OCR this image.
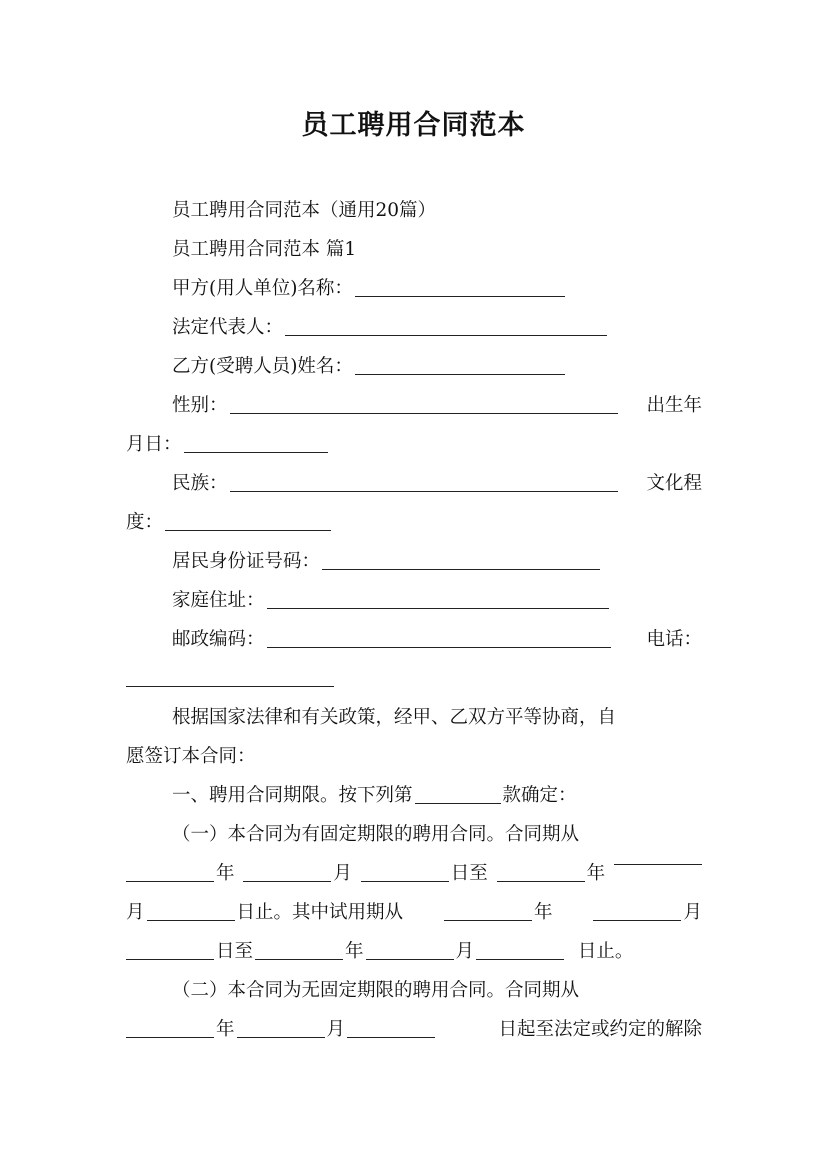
员工聘用合同范本
员工聘用合同范本（通用20篇）
员工聘用合同范本 篇1
甲方(用人单位)名称：
法定代表人：
乙方(受聘人员)姓名：
性别：	出生年
月日：
民族：	文化程
度：
居民身份证号码：
家庭住址：
邮政编码：	电话：
根据国家法律和有关政策，经甲、乙双方平等协商，自
愿签订本合同：
一、聘用合同期限。按下列第	款确定：
（一）本合同为有固定期限的聘用合同。合同期从
年	月	日至	年
月	日止。其中试用期从	年	月
日至	年	月	日止。
（二）本合同为无固定期限的聘用合同。合同期从
年	月	日起至法定或约定的解除
